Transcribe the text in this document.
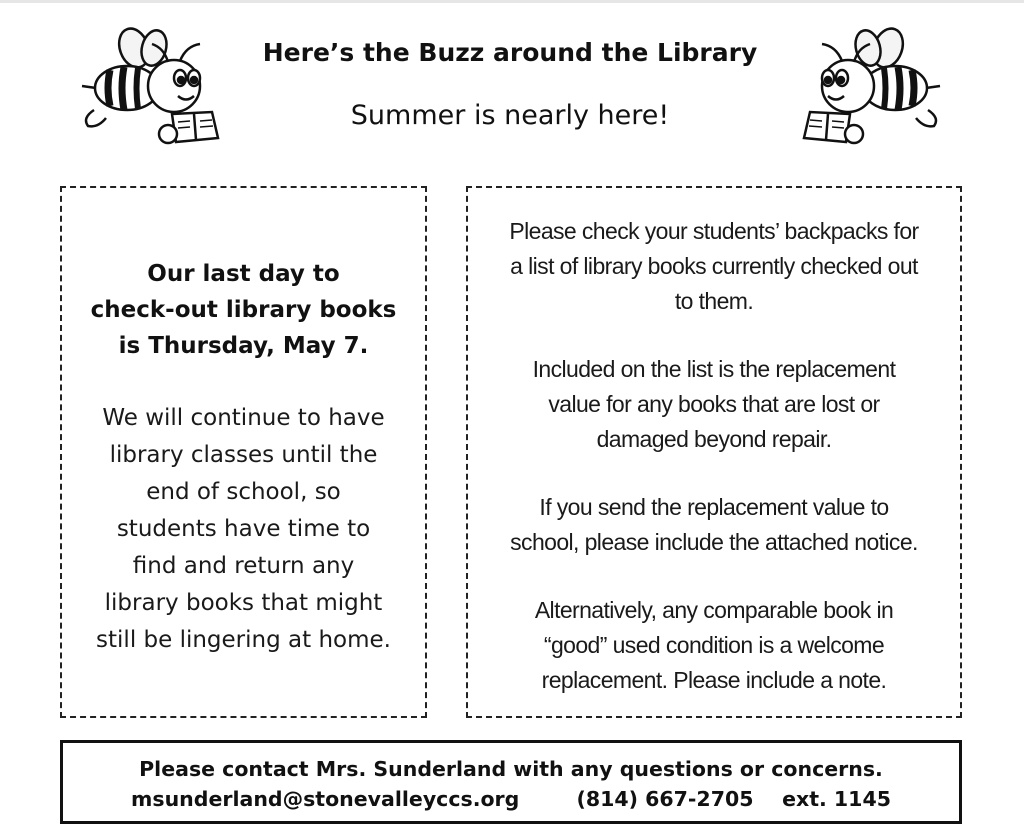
Here’s the Buzz around the Library
Summer is nearly here!
Our last day to
check-out library books
is Thursday, May 7.
We will continue to have
library classes until the
end of school, so
students have time to
find and return any
library books that might
still be lingering at home.
Please check your students’ backpacks for
a list of library books currently checked out
to them.
Included on the list is the replacement
value for any books that are lost or
damaged beyond repair.
If you send the replacement value to
school, please include the attached notice.
Alternatively, any comparable book in
“good” used condition is a welcome
replacement. Please include a note.
Please contact Mrs. Sunderland with any questions or concerns.
msunderland@stonevalleyccs.org	(814) 667-2705 ext. 1145
